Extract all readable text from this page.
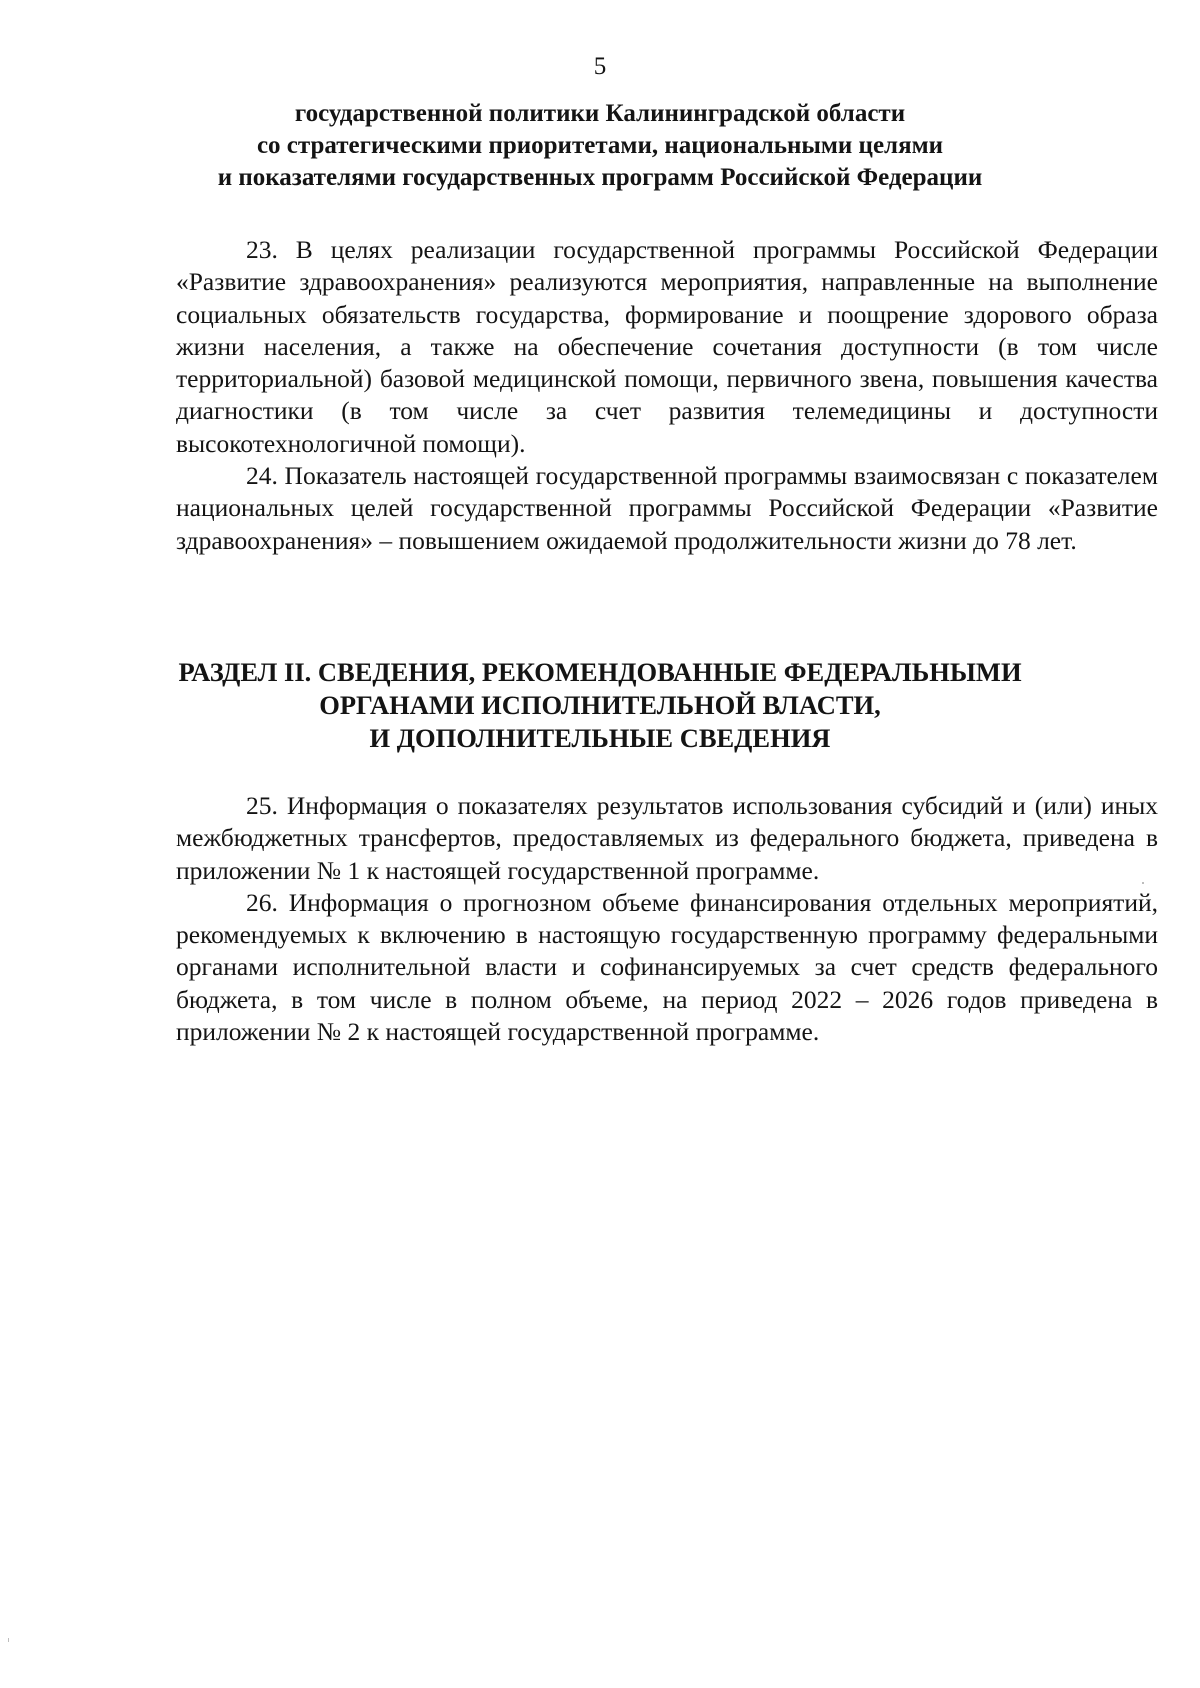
5
государственной политики Калининградской области
со стратегическими приоритетами, национальными целями
и показателями государственных программ Российской Федерации

23. В целях реализации государственной программы Российской Федерации «Развитие здравоохранения» реализуются мероприятия, направленные на выполнение социальных обязательств государства, формирование и поощрение здорового образа жизни населения, а также на обеспечение сочетания доступности (в том числе территориальной) базовой медицинской помощи, первичного звена, повышения качества диагностики (в том числе за счет развития телемедицины и доступности высокотехнологичной помощи).

24. Показатель настоящей государственной программы взаимосвязан с показателем национальных целей государственной программы Российской Федерации «Развитие здравоохранения» – повышением ожидаемой продолжительности жизни до 78 лет.

РАЗДЕЛ II. СВЕДЕНИЯ, РЕКОМЕНДОВАННЫЕ ФЕДЕРАЛЬНЫМИ
ОРГАНАМИ ИСПОЛНИТЕЛЬНОЙ ВЛАСТИ,
И ДОПОЛНИТЕЛЬНЫЕ СВЕДЕНИЯ

25. Информация о показателях результатов использования субсидий и (или) иных межбюджетных трансфертов, предоставляемых из федерального бюджета, приведена в приложении № 1 к настоящей государственной программе.

26. Информация о прогнозном объеме финансирования отдельных мероприятий, рекомендуемых к включению в настоящую государственную программу федеральными органами исполнительной власти и софинансируемых за счет средств федерального бюджета, в том числе в полном объеме, на период 2022 – 2026 годов приведена в приложении № 2 к настоящей государственной программе.
